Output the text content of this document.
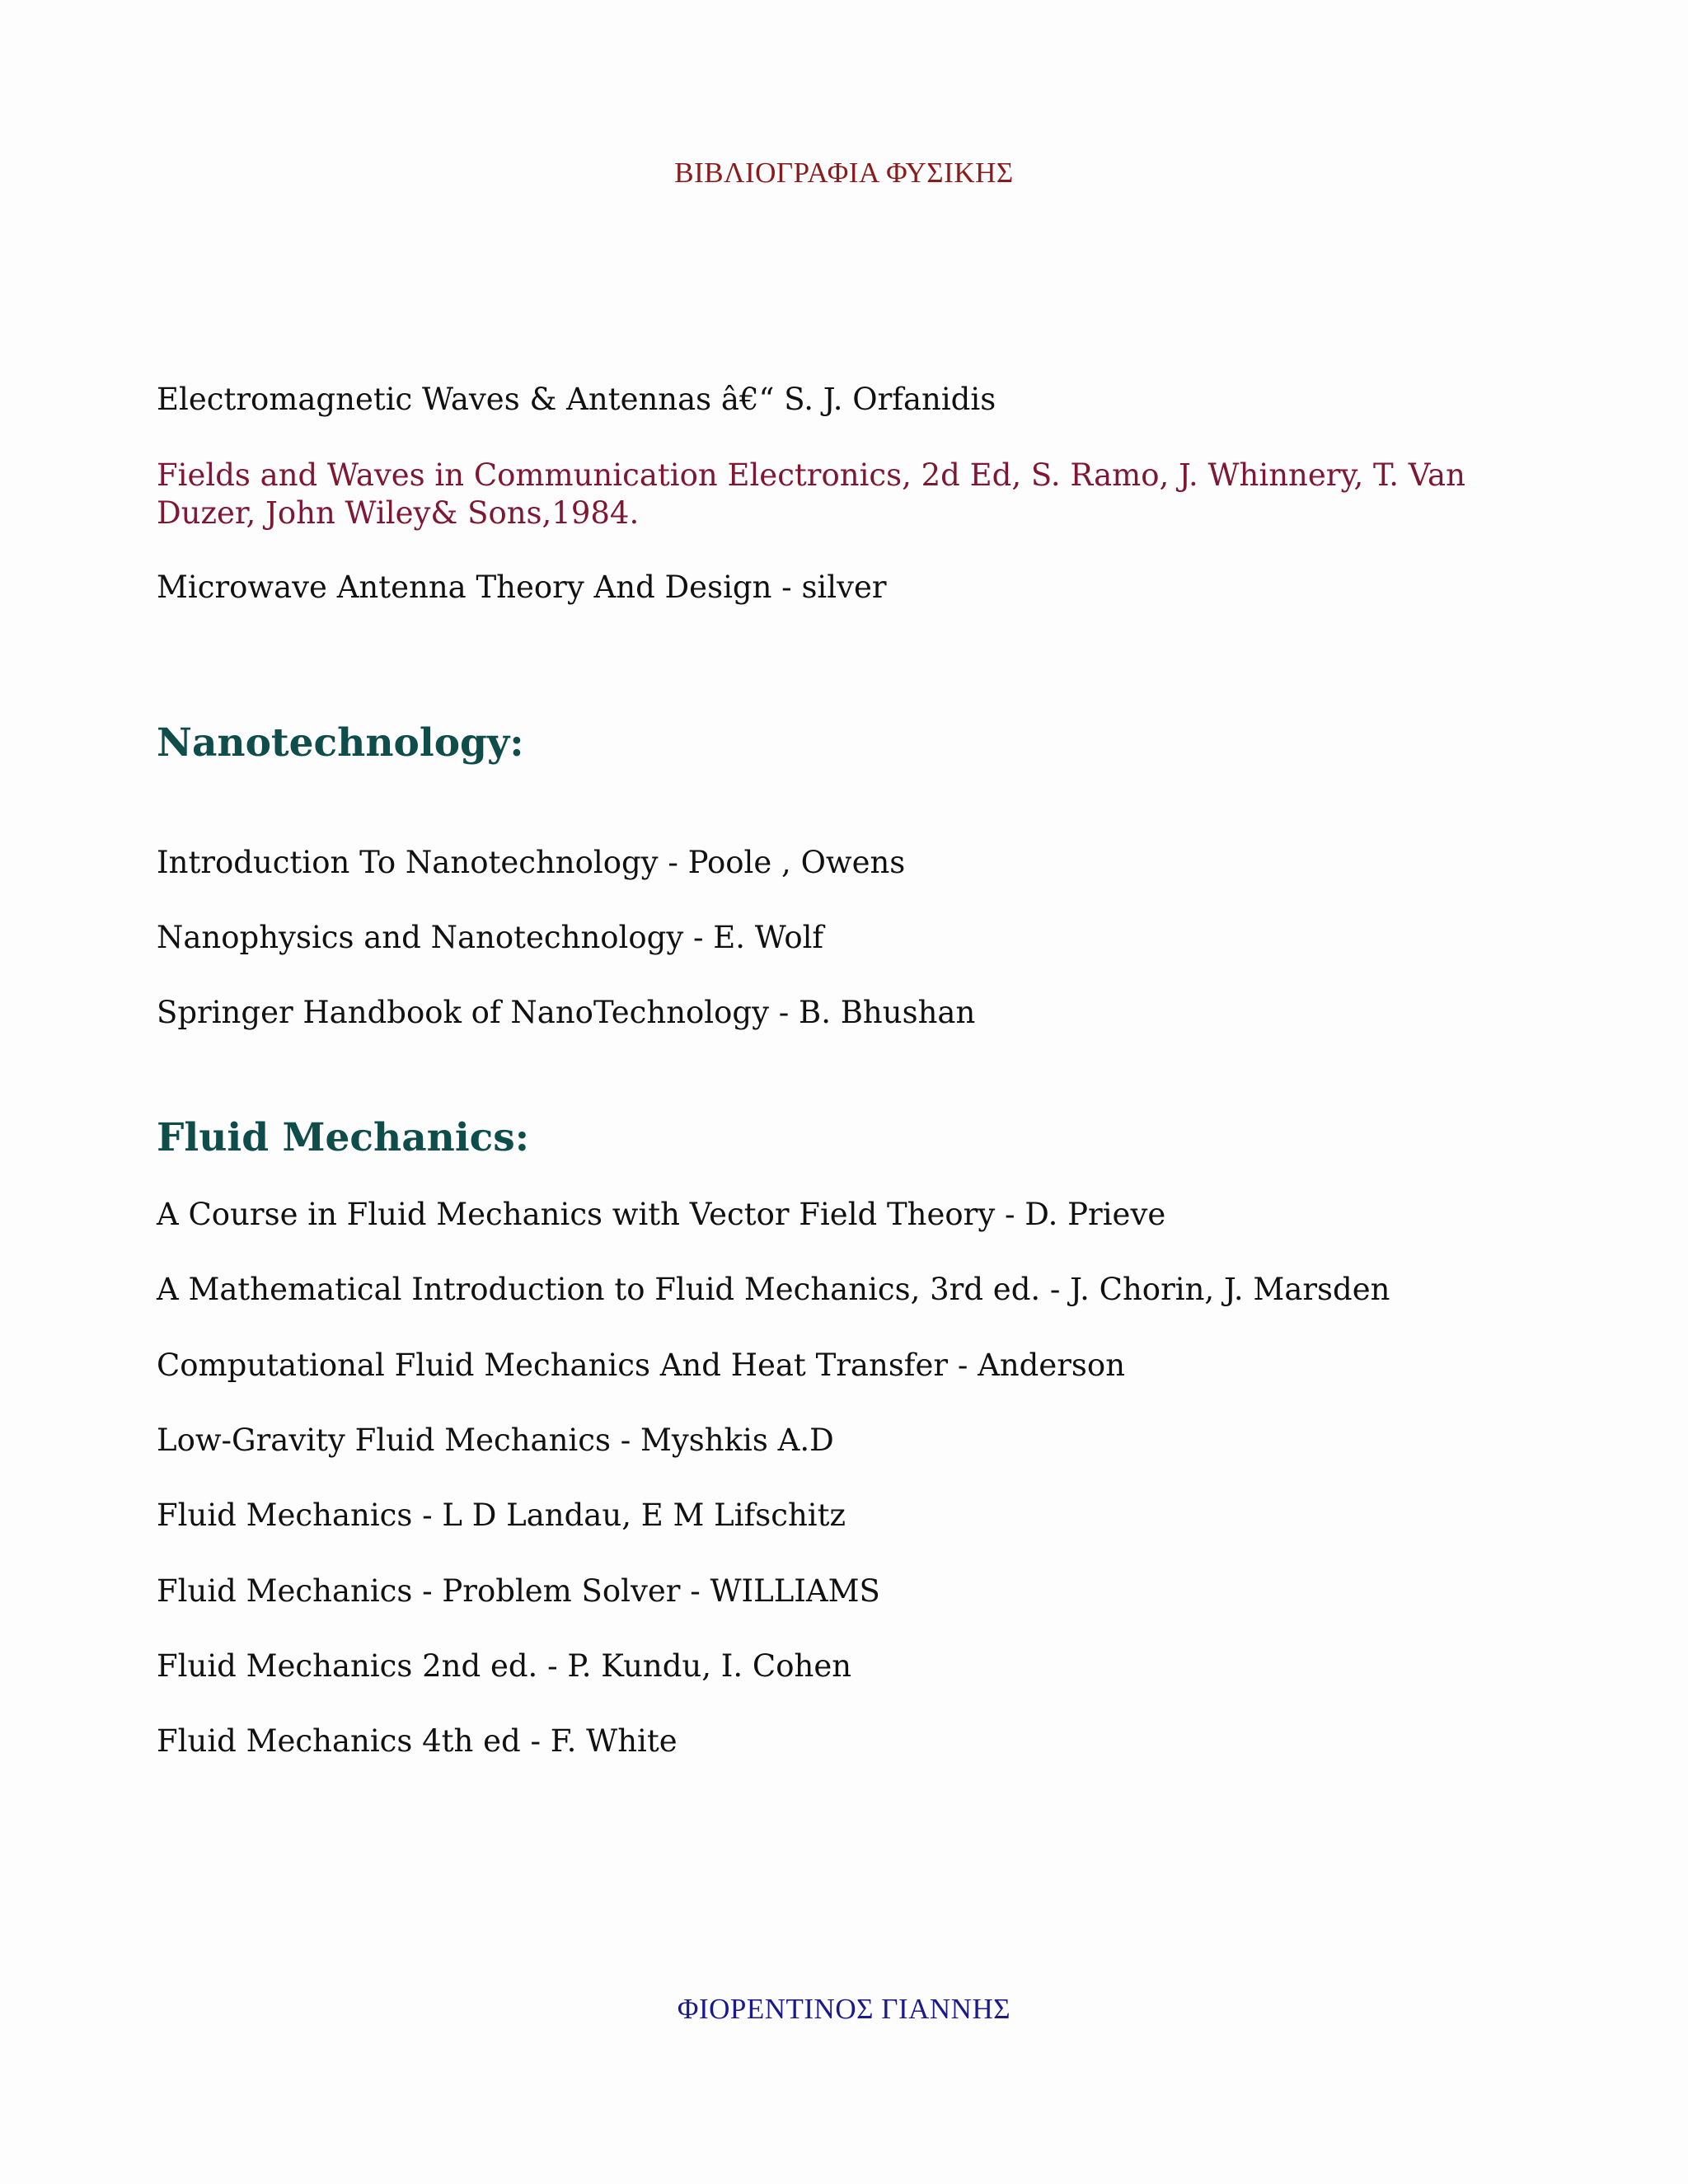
ΒΙΒΛΙΟΓΡΑΦΙΑ ΦΥΣΙΚΗΣ
Electromagnetic Waves & Antennas â€“ S. J. Orfanidis
Fields and Waves in Communication Electronics, 2d Ed, S. Ramo, J. Whinnery, T. Van Duzer, John Wiley& Sons,1984.
Microwave Antenna Theory And Design - silver
Nanotechnology:
Introduction To Nanotechnology - Poole , Owens
Nanophysics and Nanotechnology - E. Wolf
Springer Handbook of NanoTechnology - B. Bhushan
Fluid Mechanics:
A Course in Fluid Mechanics with Vector Field Theory - D. Prieve
A Mathematical Introduction to Fluid Mechanics, 3rd ed. - J. Chorin, J. Marsden
Computational Fluid Mechanics And Heat Transfer - Anderson
Low-Gravity Fluid Mechanics - Myshkis A.D
Fluid Mechanics - L D Landau, E M Lifschitz
Fluid Mechanics - Problem Solver - WILLIAMS
Fluid Mechanics 2nd ed. - P. Kundu, I. Cohen
Fluid Mechanics 4th ed - F. White
ΦΙΟΡΕΝΤΙΝΟΣ ΓΙΑΝΝΗΣ
